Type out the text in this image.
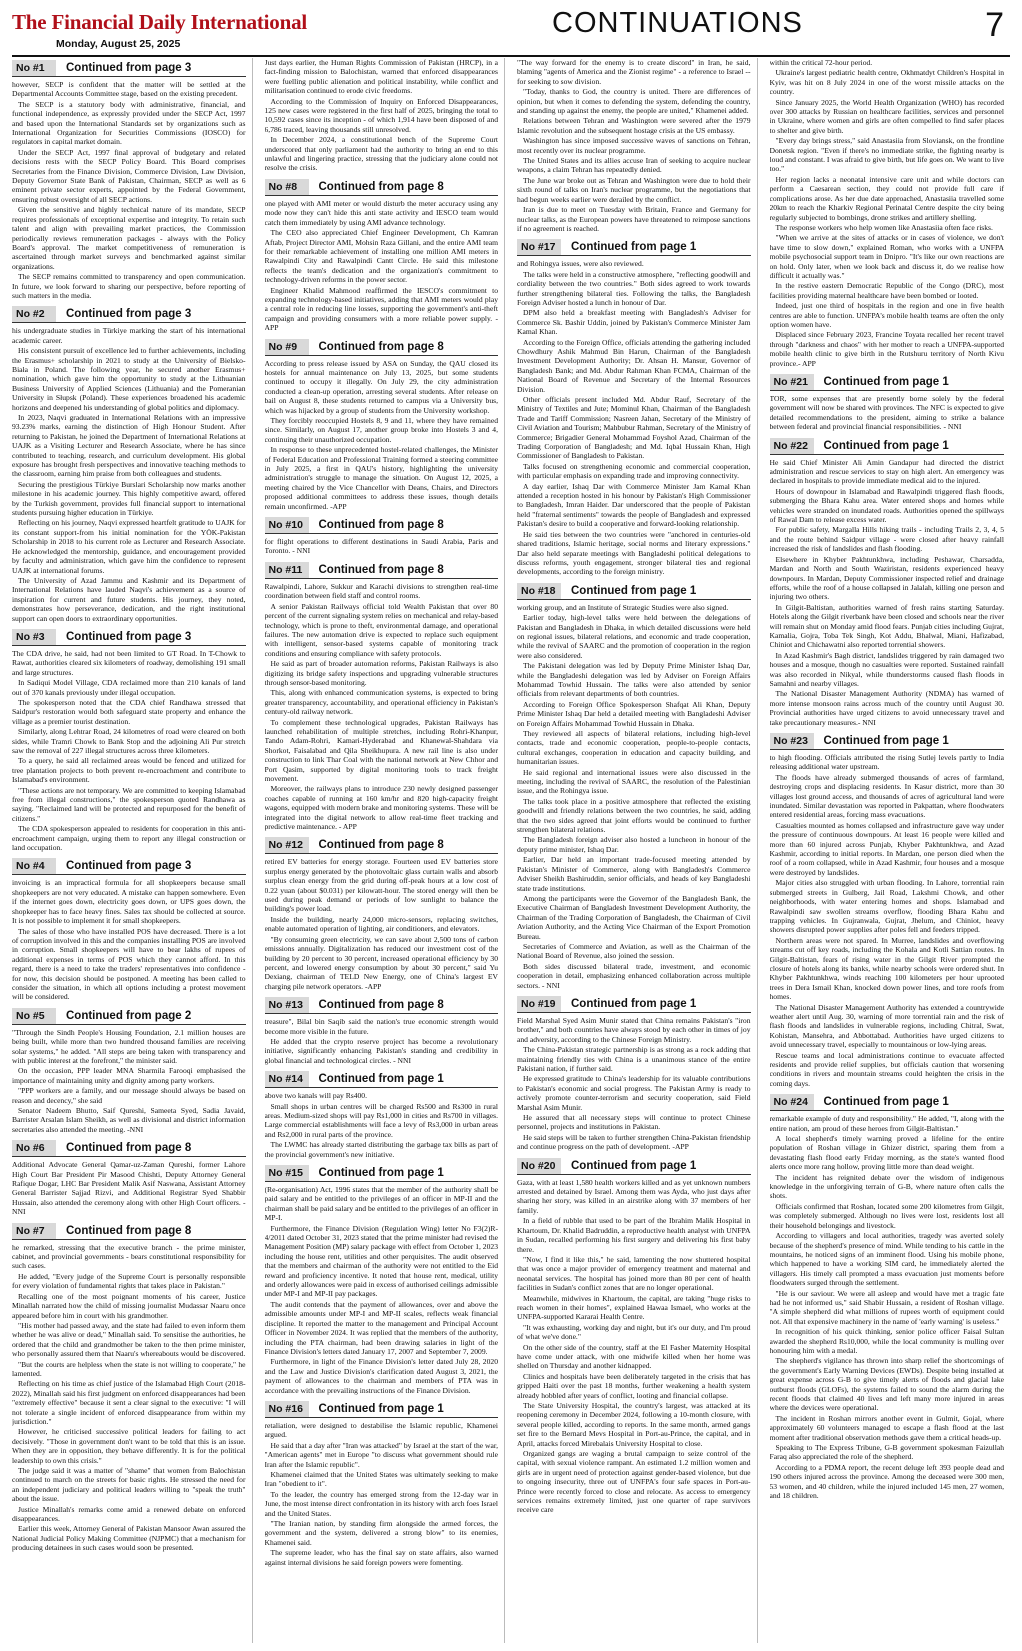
The Financial Daily International
Monday, August 25, 2025
CONTINUATIONS	7
No #1	Continued from page 3

however, SECP is confident that the matter will be settled at the Departmental Accounts Committee stage, based on the existing precedent.

The SECP is a statutory body with administrative, financial, and functional independence, as expressly provided under the SECP Act, 1997 and based upon the International Standards set by organizations such as International Organization for Securities Commissions (IOSCO) for regulators in capital market domain.

Under the SECP Act, 1997 final approval of budgetary and related decisions rests with the SECP Policy Board. This Board comprises Secretaries from the Finance Division, Commerce Division, Law Division, Deputy Governor State Bank of Pakistan, Chairman, SECP as well as 6 eminent private sector experts, appointed by the Federal Government, ensuring robust oversight of all SECP actions.

Given the sensitive and highly technical nature of its mandate, SECP requires professionals of exceptional expertise and integrity. To retain such talent and align with prevailing market practices, the Commission periodically reviews remuneration packages - always with the Policy Board's approval. The market competitiveness of remuneration is ascertained through market surveys and benchmarked against similar organizations.

The SECP remains committed to transparency and open communication. In future, we look forward to sharing our perspective, before reporting of such matters in the media.

No #2	Continued from page 3

his undergraduate studies in Türkiye marking the start of his international academic career.

His consistent pursuit of excellence led to further achievements, including the Erasmus+ scholarship in 2021 to study at the University of Bielsko-Biała in Poland. The following year, he secured another Erasmus+ nomination, which gave him the opportunity to study at the Lithuanian Business University of Applied Sciences (Lithuania) and the Pomeranian University in Słupsk (Poland). These experiences broadened his academic horizons and deepened his understanding of global politics and diplomacy.

In 2023, Naqvi graduated in International Relations with an impressive 93.23% marks, earning the distinction of High Honour Student. After returning to Pakistan, he joined the Department of International Relations at UAJK as a Visiting Lecturer and Research Associate, where he has since contributed to teaching, research, and curriculum development. His global exposure has brought fresh perspectives and innovative teaching methods to the classroom, earning him praise from both colleagues and students.

Securing the prestigious Türkiye Burslari Scholarship now marks another milestone in his academic journey. This highly competitive award, offered by the Turkish government, provides full financial support to international students pursuing higher education in Türkiye.

Reflecting on his journey, Naqvi expressed heartfelt gratitude to UAJK for its constant support-from his initial nomination for the YÖK-Pakistan Scholarship in 2018 to his current role as Lecturer and Research Associate. He acknowledged the mentorship, guidance, and encouragement provided by faculty and administration, which gave him the confidence to represent UAJK at international forums.

The University of Azad Jammu and Kashmir and its Department of International Relations have lauded Naqvi's achievement as a source of inspiration for current and future students. His journey, they noted, demonstrates how perseverance, dedication, and the right institutional support can open doors to extraordinary opportunities.

No #3	Continued from page 3

The CDA drive, he said, had not been limited to GT Road. In T-Chowk to Rawat, authorities cleared six kilometers of roadway, demolishing 191 small and large structures.

In Sadiqui Model Village, CDA reclaimed more than 210 kanals of land out of 370 kanals previously under illegal occupation.

The spokesperson noted that the CDA chief Randhawa stressed that Saidpur's restoration would both safeguard state property and enhance the village as a premier tourist destination.

Similarly, along Lehtrar Road, 24 kilometres of road were cleared on both sides, while Tramri Chowk to Bank Stop and the adjoining Ali Pur stretch saw the removal of 227 illegal structures across three kilometers.

To a query, he said all reclaimed areas would be fenced and utilized for tree plantation projects to both prevent re-encroachment and contribute to Islamabad's environment.

"These actions are not temporary. We are committed to keeping Islamabad free from illegal constructions," the spokesperson quoted Randhawa as saying. "Reclaimed land will be protected and repurposed for the benefit of citizens."

The CDA spokesperson appealed to residents for cooperation in this anti-encroachment campaign, urging them to report any illegal construction or land occupation.

No #4	Continued from page 3

invoicing is an impractical formula for all shopkeepers because small shopkeepers are not very educated. A mistake can happen somewhere. Even if the internet goes down, electricity goes down, or UPS goes down, the shopkeeper has to face heavy fines. Sales tax should be collected at source. It is not possible to implement it for small shopkeepers.

The sales of those who have installed POS have decreased. There is a lot of corruption involved in this and the companies installing POS are involved in corruption. Small shopkeepers will have to bear lakhs of rupees of additional expenses in terms of POS which they cannot afford. In this regard, there is a need to take the traders' representatives into confidence - for now, this decision should be postponed. A meeting has been called to consider the situation, in which all options including a protest movement will be considered.

No #5	Continued from page 2

"Through the Sindh People's Housing Foundation, 2.1 million houses are being built, while more than two hundred thousand families are receiving solar systems," he added. "All steps are being taken with transparency and with public interest at the forefront," the minister said.

On the occasion, PPP leader MNA Sharmila Farooqi emphasised the importance of maintaining unity and dignity among party workers.

"PPP workers are a family, and our message should always be based on reason and decency," she said

Senator Nadeem Bhutto, Saif Qureshi, Sameeta Syed, Sadia Javaid, Barrister Arsalan Islam Sheikh, as well as divisional and district information secretaries also attended the meeting. -NNI

No #6	Continued from page 8

Additional Advocate General Qamar-uz-Zaman Qureshi, former Lahore High Court Bar President Pir Masood Chishti, Deputy Attorney General Rafique Dogar, LHC Bar President Malik Asif Naswana, Assistant Attorney General Barrister Sajjad Rizvi, and Additional Registrar Syed Shabbir Hussain, also attended the ceremony along with other High Court officers. -NNI

No #7	Continued from page 8

he remarked, stressing that the executive branch - the prime minister, cabinet, and provincial governments - bears constitutional responsibility for such cases.

He added, "Every judge of the Supreme Court is personally responsible for every violation of fundamental rights that takes place in Pakistan."

Recalling one of the most poignant moments of his career, Justice Minallah narrated how the child of missing journalist Mudassar Naaru once appeared before him in court with his grandmother.

"His mother had passed away, and the state had failed to even inform them whether he was alive or dead," Minallah said. To sensitise the authorities, he ordered that the child and grandmother be taken to the then prime minister, who personally assured them that Naaru's whereabouts would be discovered.

"But the courts are helpless when the state is not willing to cooperate," he lamented.

Reflecting on his time as chief justice of the Islamabad High Court (2018-2022), Minallah said his first judgment on enforced disappearances had been "extremely effective" because it sent a clear signal to the executive: "I will not tolerate a single incident of enforced disappearance from within my jurisdiction."

However, he criticised successive political leaders for failing to act decisively. "Those in government don't want to be told that this is an issue. When they are in opposition, they behave differently. It is for the political leadership to own this crisis."

The judge said it was a matter of "shame" that women from Balochistan continued to march on the streets for basic rights. He stressed the need for an independent judiciary and political leaders willing to "speak the truth" about the issue.

Justice Minallah's remarks come amid a renewed debate on enforced disappearances.

Earlier this week, Attorney General of Pakistan Mansoor Awan assured the National Judicial Policy Making Committee (NJPMC) that a mechanism for producing detainees in such cases would soon be presented.

Just days earlier, the Human Rights Commission of Pakistan (HRCP), in a fact-finding mission to Balochistan, warned that enforced disappearances were fuelling public alienation and political instability, while conflict and militarisation continued to erode civic freedoms.

According to the Commission of Inquiry on Enforced Disappearances, 125 new cases were registered in the first half of 2025, bringing the total to 10,592 cases since its inception - of which 1,914 have been disposed of and 6,786 traced, leaving thousands still unresolved.

In December 2024, a constitutional bench of the Supreme Court underscored that only parliament had the authority to bring an end to this unlawful and lingering practice, stressing that the judiciary alone could not resolve the crisis.

No #8	Continued from page 8

one played with AMI meter or would disturb the meter accuracy using any mode now they can't hide this anti state activity and IESCO team would catch them immediately by using AMI advance technology.

The CEO also appreciated Chief Engineer Development, Ch Kamran Aftab, Project Director AMI, Mohsin Raza Gillani, and the entire AMI team for their remarkable achievement of installing one million AMI meters in Rawalpindi City and Rawalpindi Cantt Circle. He said this milestone reflects the team's dedication and the organization's commitment to technology-driven reforms in the power sector.

Engineer Khalid Mahmood reaffirmed the IESCO's commitment to expanding technology-based initiatives, adding that AMI meters would play a central role in reducing line losses, supporting the government's anti-theft campaign and providing consumers with a more reliable power supply. -APP

No #9	Continued from page 8

According to press release issued by ASA on Sunday, the QAU closed its hostels for annual maintenance on July 13, 2025, but some students continued to occupy it illegally. On July 29, the city administration conducted a clean-up operation, arresting several students. After release on bail on August 8, these students returned to campus via a University bus, which was hijacked by a group of students from the University workshop.

They forcibly reoccupied Hostels 8, 9 and 11, where they have remained since. Similarly, on August 17, another group broke into Hostels 3 and 4, continuing their unauthorized occupation.

In response to these unprecedented hostel-related challenges, the Minister of Federal Education and Professional Training formed a steering committee in July 2025, a first in QAU's history, highlighting the university administration's struggle to manage the situation. On August 12, 2025, a meeting chaired by the Vice Chancellor with Deans, Chairs, and Directors proposed additional committees to address these issues, though details remain unconfirmed. -APP

No #10	Continued from page 8

for flight operations to different destinations in Saudi Arabia, Paris and Toronto. - NNI

No #11	Continued from page 8

Rawalpindi, Lahore, Sukkur and Karachi divisions to strengthen real-time coordination between field staff and control rooms.

A senior Pakistan Railways official told Wealth Pakistan that over 80 percent of the current signaling system relies on mechanical and relay-based technology, which is prone to theft, environmental damage, and operational failures. The new automation drive is expected to replace such equipment with intelligent, sensor-based systems capable of monitoring track conditions and ensuring compliance with safety protocols.

He said as part of broader automation reforms, Pakistan Railways is also digitizing its bridge safety inspections and upgrading vulnerable structures through sensor-based monitoring.

This, along with enhanced communication systems, is expected to bring greater transparency, accountability, and operational efficiency in Pakistan's century-old railway network.

To complement these technological upgrades, Pakistan Railways has launched rehabilitation of multiple stretches, including Rohri-Khanpur, Tando Adam-Rohri, Kamari-Hyderabad and Khanewal-Shahdara via Shorkot, Faisalabad and Qila Sheikhupura. A new rail line is also under construction to link Thar Coal with the national network at New Chhor and Port Qasim, supported by digital monitoring tools to track freight movement.

Moreover, the railways plans to introduce 230 newly designed passenger coaches capable of running at 160 km/hr and 820 high-capacity freight wagons, equipped with modern brake and monitoring systems. These will be integrated into the digital network to allow real-time fleet tracking and predictive maintenance. - APP

No #12	Continued from page 8

retired EV batteries for energy storage. Fourteen used EV batteries store surplus energy generated by the photovoltaic glass curtain walls and absorb surplus clean energy from the grid during off-peak hours at a low cost of 0.22 yuan (about $0.031) per kilowatt-hour. The stored energy will then be used during peak demand or periods of low sunlight to balance the building's power load.

Inside the building, nearly 24,000 micro-sensors, replacing switches, enable automated operation of lighting, air conditioners, and elevators.

"By consuming green electricity, we can save about 2,500 tons of carbon emissions annually. Digitalization has reduced our investment cost of the building by 20 percent to 30 percent, increased operational efficiency by 30 percent, and lowered energy consumption by about 30 percent," said Yu Dexiang, chairman of TELD New Energy, one of China's largest EV charging pile network operators. -APP

No #13	Continued from page 8

treasure", Bilal bin Saqib said the nation's true economic strength would become more visible in the future.

He added that the crypto reserve project has become a revolutionary initiative, significantly enhancing Pakistan's standing and credibility in global financial and technological circles. - NNI

No #14	Continued from page 1

above two kanals will pay Rs400.

Small shops in urban centres will be charged Rs500 and Rs300 in rural areas. Medium-sized shops will pay Rs1,000 in cities and Rs700 in villages. Large commercial establishments will face a levy of Rs3,000 in urban areas and Rs2,000 in rural parts of the province.

The LWMC has already started distributing the garbage tax bills as part of the provincial government's new initiative.

No #15	Continued from page 1

(Re-organisation) Act, 1996 states that the member of the authority shall be paid salary and be entitled to the privileges of an officer in MP-II and the chairman shall be paid salary and be entitled to the privileges of an officer in MP-I.

Furthermore, the Finance Division (Regulation Wing) letter No F3(2)R-4/2011 dated October 31, 2023 stated that the prime minister had revised the Management Position (MP) salary package with effect from October 1, 2023 including the house rent, utilities and other perquisites. The audit observed that the members and chairman of the authority were not entitled to the Eid reward and proficiency incentive. It noted that house rent, medical, utility and orderly allowances were paid in excess of authorised ceilings admissible under MP-I and MP-II pay packages.

The audit contends that the payment of allowances, over and above the admissible amounts under MP-I and MP-II scales, reflects weak financial discipline. It reported the matter to the management and Principal Account Officer in November 2024. It was replied that the members of the authority, including the PTA chairman, had been drawing salaries in light of the Finance Division's letters dated January 17, 2007 and September 7, 2009.

Furthermore, in light of the Finance Division's letter dated July 28, 2020 and the Law and Justice Division's clarification dated August 3, 2021, the payment of allowances to the chairman and members of PTA was in accordance with the prevailing instructions of the Finance Division.

No #16	Continued from page 1

retaliation, were designed to destabilise the Islamic republic, Khamenei argued.

He said that a day after "Iran was attacked" by Israel at the start of the war, "American agents" met in Europe "to discuss what government should rule Iran after the Islamic republic".

Khamenei claimed that the United States was ultimately seeking to make Iran "obedient to it".

To the leader, the country has emerged strong from the 12-day war in June, the most intense direct confrontation in its history with arch foes Israel and the United States.

"The Iranian nation, by standing firm alongside the armed forces, the government and the system, delivered a strong blow" to its enemies, Khamenei said.

The supreme leader, who has the final say on state affairs, also warned against internal divisions he said foreign powers were fomenting.

"The way forward for the enemy is to create discord" in Iran, he said, blaming "agents of America and the Zionist regime" - a reference to Israel -- for seeking to sow division.

"Today, thanks to God, the country is united. There are differences of opinion, but when it comes to defending the system, defending the country, and standing up against the enemy, the people are united," Khamenei added.

Relations between Tehran and Washington were severed after the 1979 Islamic revolution and the subsequent hostage crisis at the US embassy.

Washington has since imposed successive waves of sanctions on Tehran, most recently over its nuclear programme.

The United States and its allies accuse Iran of seeking to acquire nuclear weapons, a claim Tehran has repeatedly denied.

The June war broke out as Tehran and Washington were due to hold their sixth round of talks on Iran's nuclear programme, but the negotiations that had begun weeks earlier were derailed by the conflict.

Iran is due to meet on Tuesday with Britain, France and Germany for nuclear talks, as the European powers have threatened to reimpose sanctions if no agreement is reached.

No #17	Continued from page 1

and Rohingya issues, were also reviewed.

The talks were held in a constructive atmosphere, "reflecting goodwill and cordiality between the two countries." Both sides agreed to work towards further strengthening bilateral ties. Following the talks, the Bangladesh Foreign Adviser hosted a lunch in honour of Dar.

DPM also held a breakfast meeting with Bangladesh's Adviser for Commerce Sk. Bashir Uddin, joined by Pakistan's Commerce Minister Jam Kamal Khan.

According to the Foreign Office, officials attending the gathering included Chowdhury Ashik Mahmud Bin Harun, Chairman of the Bangladesh Investment Development Authority; Dr. Ahsan H. Mansur, Governor of Bangladesh Bank; and Md. Abdur Rahman Khan FCMA, Chairman of the National Board of Revenue and Secretary of the Internal Resources Division.

Other officials present included Md. Abdur Rauf, Secretary of the Ministry of Textiles and Jute; Mominul Khan, Chairman of the Bangladesh Trade and Tariff Commission; Nasreen Jahan, Secretary of the Ministry of Civil Aviation and Tourism; Mahbubur Rahman, Secretary of the Ministry of Commerce; Brigadier General Mohammad Foyshol Azad, Chairman of the Trading Corporation of Bangladesh; and Md. Iqbal Hussain Khan, High Commissioner of Bangladesh to Pakistan.

Talks focused on strengthening economic and commercial cooperation, with particular emphasis on expanding trade and improving connectivity.

A day earlier, Ishaq Dar with Commerce Minister Jam Kamal Khan attended a reception hosted in his honour by Pakistan's High Commissioner to Bangladesh, Imran Haider. Dar underscored that the people of Pakistan held "fraternal sentiments" towards the people of Bangladesh and expressed Pakistan's desire to build a cooperative and forward-looking relationship.

He said ties between the two countries were "anchored in centuries-old shared traditions, Islamic heritage, social norms and literary expressions." Dar also held separate meetings with Bangladeshi political delegations to discuss reforms, youth engagement, stronger bilateral ties and regional developments, according to the foreign ministry.

No #18	Continued from page 1

working group, and an Institute of Strategic Studies were also signed.

Earlier today, high-level talks were held between the delegations of Pakistan and Bangladesh in Dhaka, in which detailed discussions were held on regional issues, bilateral relations, and economic and trade cooperation, while the revival of SAARC and the promotion of cooperation in the region were also considered.

The Pakistani delegation was led by Deputy Prime Minister Ishaq Dar, while the Bangladeshi delegation was led by Adviser on Foreign Affairs Mohammad Towhid Hussain. The talks were also attended by senior officials from relevant departments of both countries.

According to Foreign Office Spokesperson Shafqat Ali Khan, Deputy Prime Minister Ishaq Dar held a detailed meeting with Bangladeshi Adviser on Foreign Affairs Mohammad Towhid Hussain in Dhaka.

They reviewed all aspects of bilateral relations, including high-level contacts, trade and economic cooperation, people-to-people contacts, cultural exchanges, cooperation in education and capacity building, and humanitarian issues.

He said regional and international issues were also discussed in the meeting, including the revival of SAARC, the resolution of the Palestinian issue, and the Rohingya issue.

The talks took place in a positive atmosphere that reflected the existing goodwill and friendly relations between the two countries, he said, adding that the two sides agreed that joint efforts would be continued to further strengthen bilateral relations.

The Bangladesh foreign adviser also hosted a luncheon in honour of the deputy prime minister, Ishaq Dar.

Earlier, Dar held an important trade-focused meeting attended by Pakistan's Minister of Commerce, along with Bangladesh's Commerce Adviser Sheikh Bashiruddin, senior officials, and heads of key Bangladeshi state trade institutions.

Among the participants were the Governor of the Bangladesh Bank, the Executive Chairman of Bangladesh Investment Development Authority, the Chairman of the Trading Corporation of Bangladesh, the Chairman of Civil Aviation Authority, and the Acting Vice Chairman of the Export Promotion Bureau.

Secretaries of Commerce and Aviation, as well as the Chairman of the National Board of Revenue, also joined the session.

Both sides discussed bilateral trade, investment, and economic cooperation in detail, emphasizing enhanced collaboration across multiple sectors. - NNI

No #19	Continued from page 1

Field Marshal Syed Asim Munir stated that China remains Pakistan's "iron brother," and both countries have always stood by each other in times of joy and adversity, according to the Chinese Foreign Ministry.

The China-Pakistan strategic partnership is as strong as a rock adding that maintaining friendly ties with China is a unanimous stance of the entire Pakistani nation, if further said.

He expressed gratitude to China's leadership for its valuable contributions to Pakistan's economic and social progress. The Pakistan Army is ready to actively promote counter-terrorism and security cooperation, said Field Marshal Asim Munir.

He assured that all necessary steps will continue to protect Chinese personnel, projects and institutions in Pakistan.

He said steps will be taken to further strengthen China-Pakistan friendship and continue progress on the path of development. -APP

No #20	Continued from page 1

Gaza, with at least 1,580 health workers killed and as yet unknown numbers arrested and detained by Israel. Among them was Ayda, who just days after sharing her story, was killed in an airstrike along with 37 members of her family.

In a field of rubble that used to be part of the Ibrahim Malik Hospital in Khartoum, Dr. Khalid Badruddin, a reproductive health analyst with UNFPA in Sudan, recalled performing his first surgery and delivering his first baby there.

"Now, I find it like this," he said, lamenting the now shuttered hospital that was once a major provider of emergency treatment and maternal and neonatal services. The hospital has joined more than 80 per cent of health facilities in Sudan's conflict zones that are no longer operational.

Meanwhile, midwives in Khartoum, the capital, are taking "huge risks to reach women in their homes", explained Hawaa Ismael, who works at the UNFPA-supported Kararai Health Centre.

"It was exhausting, working day and night, but it's our duty, and I'm proud of what we've done."

On the other side of the country, staff at the El Fasher Maternity Hospital have come under attack, with one midwife killed when her home was shelled on Thursday and another kidnapped.

Clinics and hospitals have been deliberately targeted in the crisis that has gripped Haiti over the past 18 months, further weakening a health system already hobbled after years of conflict, looting and financial collapse.

The State University Hospital, the country's largest, was attacked at its reopening ceremony in December 2024, following a 10-month closure, with several people killed, according to reports. In the same month, armed gangs set fire to the Bernard Mevs Hospital in Port-au-Prince, the capital, and in April, attacks forced Mirebalais University Hospital to close.

Organized gangs are waging a brutal campaign to seize control of the capital, with sexual violence rampant. An estimated 1.2 million women and girls are in urgent need of protection against gender-based violence, but due to ongoing insecurity, three out of UNFPA's four safe spaces in Port-au-Prince were recently forced to close and relocate. As access to emergency services remains extremely limited, just one quarter of rape survivors receive care

within the critical 72-hour period.

Ukraine's largest pediatric health centre, Okhmatdyt Children's Hospital in Kyiv, was hit on 8 July 2024 in one of the worst missile attacks on the country.

Since January 2025, the World Health Organization (WHO) has recorded over 300 attacks by Russian on healthcare facilities, services and personnel in Ukraine, where women and girls are often compelled to find safer places to shelter and give birth.

"Every day brings stress," said Anastasiia from Sloviansk, on the frontline Donetsk region. "Even if there's no immediate strike, the fighting nearby is loud and constant. I was afraid to give birth, but life goes on. We want to live too."

Her region lacks a neonatal intensive care unit and while doctors can perform a Caesarean section, they could not provide full care if complications arose. As her due date approached, Anastasiia travelled some 20km to reach the Kharkiv Regional Perinatal Centre despite the city being regularly subjected to bombings, drone strikes and artillery shelling.

The response workers who help women like Anastasiia often face risks.

"When we arrive at the sites of attacks or in cases of violence, we don't have time to slow down," explained Roman, who works with a UNFPA mobile psychosocial support team in Dnipro. "It's like our own reactions are on hold. Only later, when we look back and discuss it, do we realise how difficult it actually was."

In the restive eastern Democratic Republic of the Congo (DRC), most facilities providing maternal healthcare have been bombed or looted.

Indeed, just one third of hospitals in the region and one in five health centres are able to function. UNFPA's mobile health teams are often the only option women have.

Displaced since February 2023, Francine Toyata recalled her recent travel through "darkness and chaos" with her mother to reach a UNFPA-supported mobile health clinic to give birth in the Rutshuru territory of North Kivu province.- APP

No #21	Continued from page 1

TOR, some expenses that are presently borne solely by the federal government will now be shared with provinces. The NFC is expected to give detailed recommendations to the president, aiming to strike a balance between federal and provincial financial responsibilities. - NNI

No #22	Continued from page 1

He said Chief Minister Ali Amin Gandapur had directed the district administration and rescue services to stay on high alert. An emergency was declared in hospitals to provide immediate medical aid to the injured.

Hours of downpour in Islamabad and Rawalpindi triggered flash floods, submerging the Bhara Kahu area. Water entered shops and homes while vehicles were stranded on inundated roads. Authorities opened the spillways of Rawal Dam to release excess water.

For public safety, Margalla Hills hiking trails - including Trails 2, 3, 4, 5 and the route behind Saidpur village - were closed after heavy rainfall increased the risk of landslides and flash flooding.

Elsewhere in Khyber Pakhtunkhwa, including Peshawar, Charsadda, Mardan and North and South Waziristan, residents experienced heavy downpours. In Mardan, Deputy Commissioner inspected relief and drainage efforts, while the roof of a house collapsed in Jalalah, killing one person and injuring two others.

In Gilgit-Baltistan, authorities warned of fresh rains starting Saturday. Hotels along the Gilgit riverbank have been closed and schools near the river will remain shut on Monday amid flood fears. Punjab cities including Gujrat, Kamalia, Gojra, Toba Tek Singh, Kot Addu, Bhalwal, Miani, Hafizabad, Chiniot and Chichawatni also reported torrential showers.

In Azad Kashmir's Bagh district, landslides triggered by rain damaged two houses and a mosque, though no casualties were reported. Sustained rainfall was also recorded in Nikyal, while thunderstorms caused flash floods in Samahni and nearby villages.

The National Disaster Management Authority (NDMA) has warned of more intense monsoon rains across much of the country until August 30. Provincial authorities have urged citizens to avoid unnecessary travel and take precautionary measures.- NNI

No #23	Continued from page 1

to high flooding. Officials attributed the rising Sutlej levels partly to India releasing additional water upstream.

The floods have already submerged thousands of acres of farmland, destroying crops and displacing residents. In Kasur district, more than 30 villages lost ground access, and thousands of acres of agricultural land were inundated. Similar devastation was reported in Pakpattan, where floodwaters entered residential areas, forcing mass evacuations.

Casualties mounted as homes collapsed and infrastructure gave way under the pressure of continuous downpours. At least 16 people were killed and more than 60 injured across Punjab, Khyber Pakhtunkhwa, and Azad Kashmir, according to initial reports. In Mardan, one person died when the roof of a room collapsed, while in Azad Kashmir, four houses and a mosque were destroyed by landslides.

Major cities also struggled with urban flooding. In Lahore, torrential rain submerged streets in Gulberg, Jail Road, Lakshmi Chowk, and other neighborhoods, with water entering homes and shops. Islamabad and Rawalpindi saw swollen streams overflow, flooding Bhara Kahu and trapping vehicles. In Gujranwala, Gujrat, Jhelum, and Chiniot, heavy showers disrupted power supplies after poles fell and feeders tripped.

Northern areas were not spared. In Murree, landslides and overflowing streams cut off key roads, including the Kohala and Kotli Sattian routes. In Gilgit-Baltistan, fears of rising water in the Gilgit River prompted the closure of hotels along its banks, while nearby schools were ordered shut. In Khyber Pakhtunkhwa, winds reaching 100 kilometers per hour uprooted trees in Dera Ismail Khan, knocked down power lines, and tore roofs from homes.

The National Disaster Management Authority has extended a countrywide weather alert until Aug. 30, warning of more torrential rain and the risk of flash floods and landslides in vulnerable regions, including Chitral, Swat, Kohistan, Mansehra, and Abbottabad. Authorities have urged citizens to avoid unnecessary travel, especially to mountainous or low-lying areas.

Rescue teams and local administrations continue to evacuate affected residents and provide relief supplies, but officials caution that worsening conditions in rivers and mountain streams could heighten the crisis in the coming days.

No #24	Continued from page 1

remarkable example of duty and responsibility." He added, "I, along with the entire nation, am proud of these heroes from Gilgit-Baltistan."

A local shepherd's timely warning proved a lifeline for the entire population of Roshan village in Ghizer district, sparing them from a devastating flash flood early Friday morning, as the state's wanted flood alerts once more rang hollow, proving little more than dead weight.

The incident has reignited debate over the wisdom of indigenous knowledge in the unforgiving terrain of G-B, where nature often calls the shots.

Officials confirmed that Roshan, located some 200 kilometres from Gilgit, was completely submerged. Although no lives were lost, residents lost all their household belongings and livestock.

According to villagers and local authorities, tragedy was averted solely because of the shepherd's presence of mind. While tending to his cattle in the mountains, he noticed signs of an imminent flood. Using his mobile phone, which happened to have a working SIM card, he immediately alerted the villagers. His timely call prompted a mass evacuation just moments before floodwaters surged through the settlement.

"He is our saviour. We were all asleep and would have met a tragic fate had he not informed us," said Shabir Hussain, a resident of Roshan village. "A simple shepherd did what millions of rupees worth of equipment could not. All that expensive machinery in the name of 'early warning' is useless."

In recognition of his quick thinking, senior police officer Faisal Sultan awarded the shepherd Rs10,000, while the local community is mulling over honouring him with a medal.

The shepherd's vigilance has thrown into sharp relief the shortcomings of the government's Early Warning Devices (EWDs). Despite being installed at great expense across G-B to give timely alerts of floods and glacial lake outburst floods (GLOFs), the systems failed to sound the alarm during the recent floods that claimed 40 lives and left many more injured in areas where the devices were operational.

The incident in Roshan mirrors another event in Gulmit, Gojal, where approximately 60 volunteers managed to escape a flash flood at the last moment after traditional observation methods gave them a critical heads-up.

Speaking to The Express Tribune, G-B government spokesman Faizullah Faraq also appreciated the role of the shepherd.

According to a PDMA report, the recent deluge left 393 people dead and 190 others injured across the province. Among the deceased were 300 men, 53 women, and 40 children, while the injured included 145 men, 27 women, and 18 children.
